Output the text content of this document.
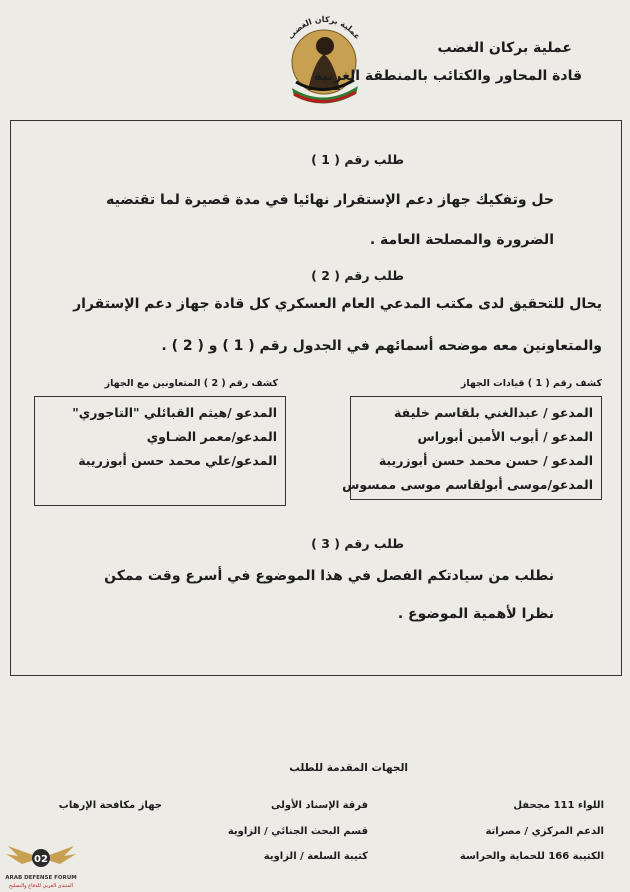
عملية بركان الغضب
عملية بركان الغضب
قادة المحاور والكتائب بالمنطقة الغربية
طلب رقم ( 1 )
حل وتفكيك جهاز دعم الإستقرار نهائيا في مدة قصيرة لما تقتضيه
الضرورة والمصلحة العامة .
طلب رقم ( 2 )
يحال للتحقيق لدى مكتب المدعي العام العسكري كل قادة جهاز دعم الإستقرار
والمتعاونين معه موضحه أسمائهم في الجدول رقم ( 1 ) و ( 2 ) .
كشف رقم ( 1 ) قيادات الجهاز
كشف رقم ( 2 ) المتعاونين مع الجهاز
المدعو / عبدالغني بلقاسم خليفة
المدعو / أيوب الأمين أبوراس
المدعو / حسن محمد حسن أبوزريبة
المدعو/موسى أبولقاسم موسى ممسوس
المدعو /هيثم القبائلي "التاجوري"
المدعو/معمر الضـاوي
المدعو/علي محمد حسن أبوزريبة
طلب رقم ( 3 )
نطلب من سيادتكم الفصل في هذا الموضوع في أسرع وقت ممكن
نظرا لأهمية الموضوع .
الجهات المقدمة للطلب
اللواء 111 مجحفل
الدعم المركزي / مصراتة
الكتيبة 166 للحماية والحراسة
فرقة الإسناد الأولى
قسم البحث الجنائي / الزاوية
كتيبة السلعة / الزاوية
جهاز مكافحة الإرهاب
02
ARAB DEFENSE FORUM
المنتدى العربي للدفاع والتسليح
